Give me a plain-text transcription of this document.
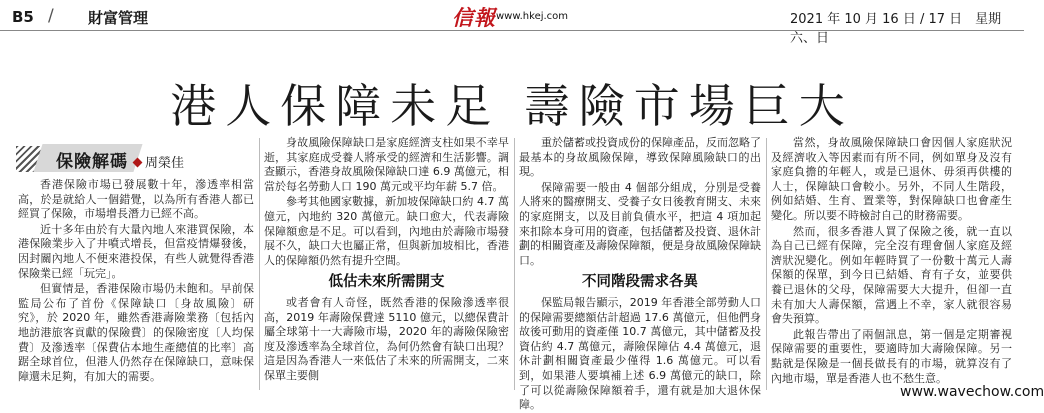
B5 / 財富管理	信報 www.hkej.com	2021 年 10 月 16 日 / 17 日　星期六、日
港人保障未足 壽險市場巨大
保險解碼	周榮佳

香港保險市場已發展數十年，滲透率相當高，於是就給人一個錯覺，以為所有香港人都已經買了保險，市場增長潛力已經不高。

近十多年由於有大量內地人來港買保險，本港保險業步入了井噴式增長，但當疫情爆發後，因封關內地人不便來港投保，有些人就覺得香港保險業已經「玩完」。

但實情是，香港保險市場仍未飽和。早前保監局公布了首份《保障缺口〔身故風險〕研究》，於 2020 年，雖然香港壽險業務〔包括內地訪港旅客貢獻的保險費〕的保險密度〔人均保費〕及滲透率〔保費佔本地生產總值的比率〕高踞全球首位，但港人仍然存在保障缺口，意味保障還未足夠，有加大的需要。

身故風險保障缺口是家庭經濟支柱如果不幸早逝，其家庭成受養人將承受的經濟和生活影響。調查顯示，香港身故風險保障缺口達 6.9 萬億元，相當於每名勞動人口 190 萬元或平均年薪 5.7 倍。

參考其他國家數據，新加坡保障缺口約 4.7 萬億元，內地約 320 萬億元。缺口愈大，代表壽險保障額愈是不足。可以看到，內地由於壽險市場發展不久，缺口大也屬正常，但與新加坡相比，香港人的保障額仍然有提升空間。

低估未來所需開支

或者會有人奇怪，既然香港的保險滲透率很高，2019 年壽險保費達 5110 億元，以總保費計屬全球第十一大壽險市場，2020 年的壽險保險密度及滲透率為全球首位，為何仍然會有缺口出現？這是因為香港人一來低估了未來的所需開支，二來保單主要側

重於儲蓄或投資成份的保障產品，反而忽略了最基本的身故風險保障，導致保障風險缺口的出現。

保障需要一般由 4 個部分組成，分別是受養人將來的醫療開支、受養子女日後教育開支、未來的家庭開支，以及目前負債水平，把這 4 項加起來扣除本身可用的資產，包括儲蓄及投資、退休計劃的相關資產及壽險保障額，便是身故風險保障缺口。

不同階段需求各異

保監局報告顯示，2019 年香港全部勞動人口的保障需要總額估計超過 17.6 萬億元，但他們身故後可動用的資產僅 10.7 萬億元，其中儲蓄及投資佔約 4.7 萬億元，壽險保障佔 4.4 萬億元，退休計劃相關資產最少僅得 1.6 萬億元。可以看到，如果港人要填補上述 6.9 萬億元的缺口，除了可以從壽險保障額着手，還有就是加大退休保障。

當然，身故風險保障缺口會因個人家庭狀況及經濟收入等因素而有所不同，例如單身及沒有家庭負擔的年輕人，或是已退休、毋須再供樓的人士，保障缺口會較小。另外，不同人生階段，例如結婚、生育、置業等，對保障缺口也會產生變化。所以要不時檢討自己的財務需要。

然而，很多香港人買了保險之後，就一直以為自己已經有保障，完全沒有理會個人家庭及經濟狀況變化。例如年輕時買了一份數十萬元人壽保額的保單，到今日已結婚、育有子女，並要供養已退休的父母，保障需要大大提升，但卻一直未有加大人壽保額，當遇上不幸，家人就很容易會失預算。

此報告帶出了兩個訊息，第一個是定期審視保障需要的重要性，要適時加大壽險保障。另一點就是保險是一個長做長有的市場，就算沒有了內地市場，單是香港人也不愁生意。

www.wavechow.com
